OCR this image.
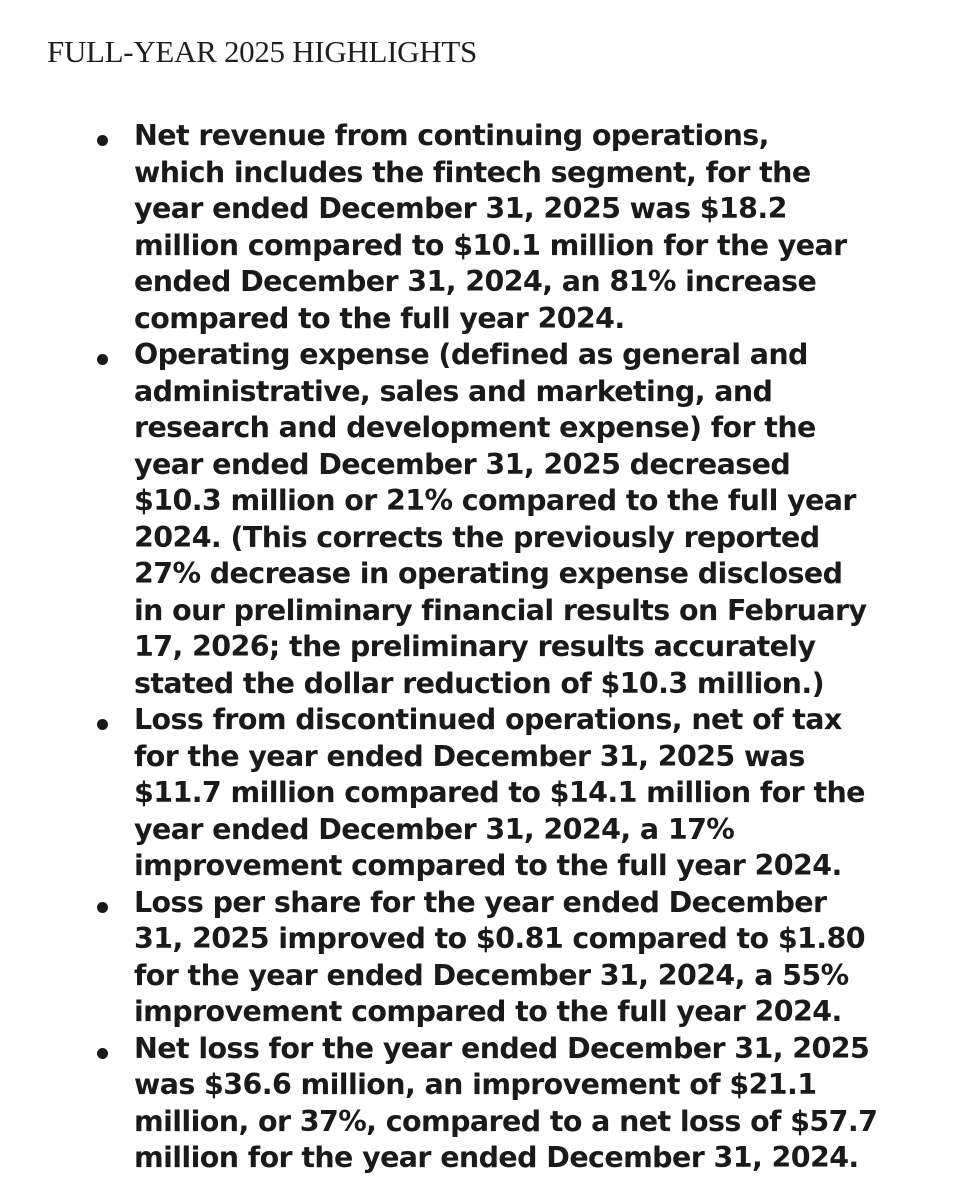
FULL-YEAR 2025 HIGHLIGHTS
Net revenue from continuing operations,
which includes the fintech segment, for the
year ended December 31, 2025 was $18.2
million compared to $10.1 million for the year
ended December 31, 2024, an 81% increase
compared to the full year 2024.
Operating expense (defined as general and
administrative, sales and marketing, and
research and development expense) for the
year ended December 31, 2025 decreased
$10.3 million or 21% compared to the full year
2024. (This corrects the previously reported
27% decrease in operating expense disclosed
in our preliminary financial results on February
17, 2026; the preliminary results accurately
stated the dollar reduction of $10.3 million.)
Loss from discontinued operations, net of tax
for the year ended December 31, 2025 was
$11.7 million compared to $14.1 million for the
year ended December 31, 2024, a 17%
improvement compared to the full year 2024.
Loss per share for the year ended December
31, 2025 improved to $0.81 compared to $1.80
for the year ended December 31, 2024, a 55%
improvement compared to the full year 2024.
Net loss for the year ended December 31, 2025
was $36.6 million, an improvement of $21.1
million, or 37%, compared to a net loss of $57.7
million for the year ended December 31, 2024.
